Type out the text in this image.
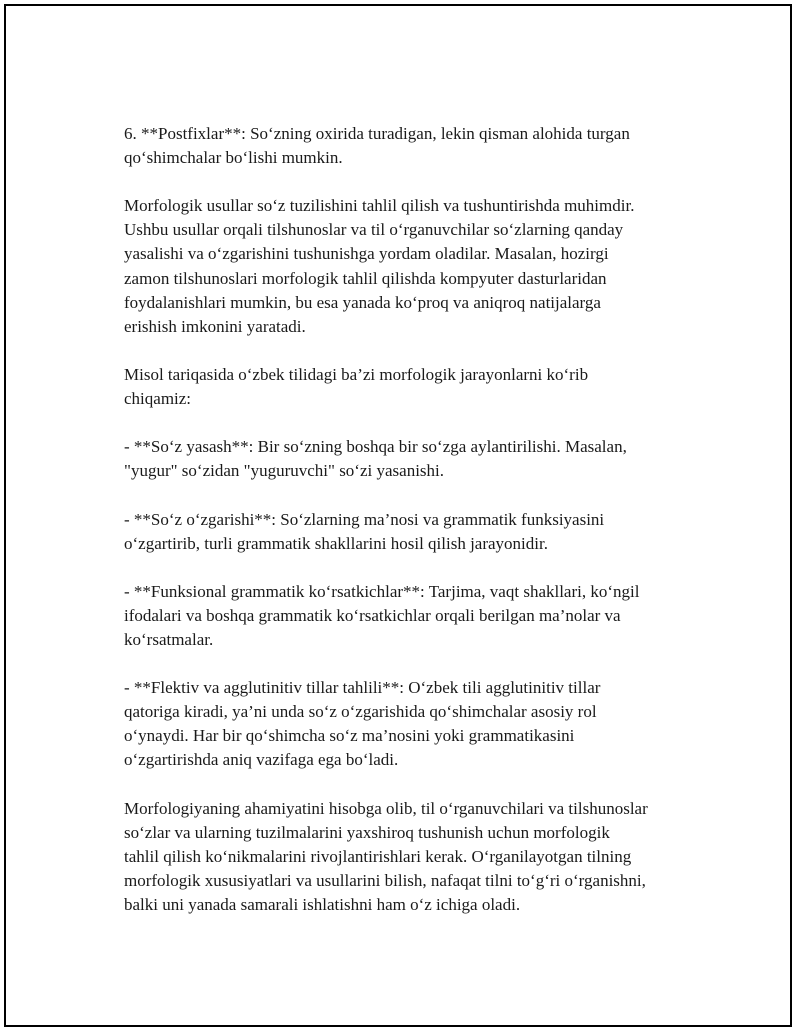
6. **Postfixlar**: So‘zning oxirida turadigan, lekin qisman alohida turgan
qo‘shimchalar bo‘lishi mumkin.

Morfologik usullar so‘z tuzilishini tahlil qilish va tushuntirishda muhimdir.
Ushbu usullar orqali tilshunoslar va til o‘rganuvchilar so‘zlarning qanday
yasalishi va o‘zgarishini tushunishga yordam oladilar. Masalan, hozirgi
zamon tilshunoslari morfologik tahlil qilishda kompyuter dasturlaridan
foydalanishlari mumkin, bu esa yanada ko‘proq va aniqroq natijalarga
erishish imkonini yaratadi.

Misol tariqasida o‘zbek tilidagi ba’zi morfologik jarayonlarni ko‘rib
chiqamiz:

- **So‘z yasash**: Bir so‘zning boshqa bir so‘zga aylantirilishi. Masalan,
"yugur" so‘zidan "yuguruvchi" so‘zi yasanishi.

- **So‘z o‘zgarishi**: So‘zlarning ma’nosi va grammatik funksiyasini
o‘zgartirib, turli grammatik shakllarini hosil qilish jarayonidir.

- **Funksional grammatik ko‘rsatkichlar**: Tarjima, vaqt shakllari, ko‘ngil
ifodalari va boshqa grammatik ko‘rsatkichlar orqali berilgan ma’nolar va
ko‘rsatmalar.

- **Flektiv va agglutinitiv tillar tahlili**: O‘zbek tili agglutinitiv tillar
qatoriga kiradi, ya’ni unda so‘z o‘zgarishida qo‘shimchalar asosiy rol
o‘ynaydi. Har bir qo‘shimcha so‘z ma’nosini yoki grammatikasini
o‘zgartirishda aniq vazifaga ega bo‘ladi.

Morfologiyaning ahamiyatini hisobga olib, til o‘rganuvchilari va tilshunoslar
so‘zlar va ularning tuzilmalarini yaxshiroq tushunish uchun morfologik
tahlil qilish ko‘nikmalarini rivojlantirishlari kerak. O‘rganilayotgan tilning
morfologik xususiyatlari va usullarini bilish, nafaqat tilni to‘g‘ri o‘rganishni,
balki uni yanada samarali ishlatishni ham o‘z ichiga oladi.
